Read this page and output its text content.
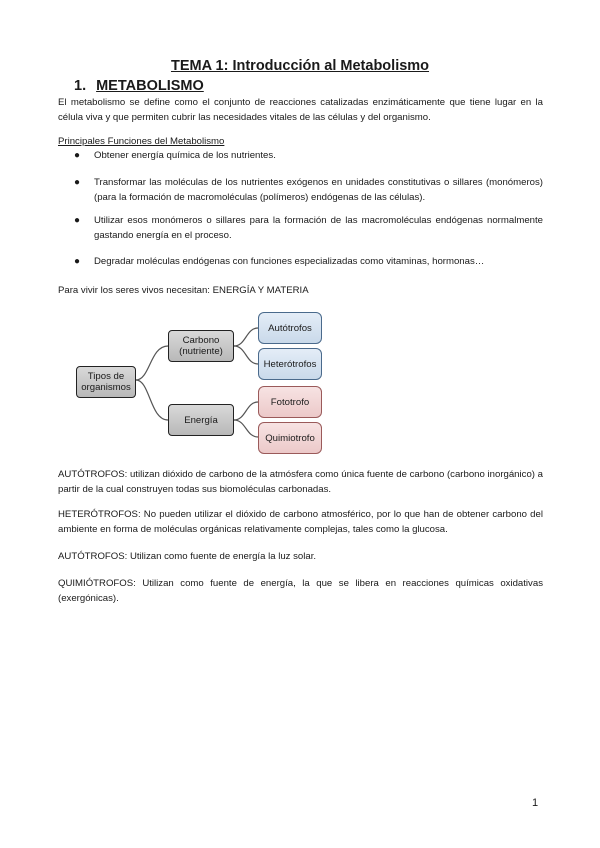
TEMA 1: Introducción al Metabolismo
1. METABOLISMO
El metabolismo se define como el conjunto de reacciones catalizadas enzimáticamente que tiene lugar en la célula viva y que permiten cubrir las necesidades vitales de las células y del organismo.
Principales Funciones del Metabolismo
● Obtener energía química de los nutrientes.
● Transformar las moléculas de los nutrientes exógenos en unidades constitutivas o sillares (monómeros) (para la formación de macromoléculas (polímeros) endógenas de las células).
● Utilizar esos monómeros o sillares para la formación de las macromoléculas endógenas normalmente gastando energía en el proceso.
● Degradar moléculas endógenas con funciones especializadas como vitaminas, hormonas…
Para vivir los seres vivos necesitan: ENERGÍA Y MATERIA
Tipos de organismos
Carbono (nutriente)
Energía
Autótrofos
Heterótrofos
Fototrofo
Quimiotrofo
AUTÓTROFOS: utilizan dióxido de carbono de la atmósfera como única fuente de carbono (carbono inorgánico) a partir de la cual construyen todas sus biomoléculas carbonadas.
HETERÓTROFOS: No pueden utilizar el dióxido de carbono atmosférico, por lo que han de obtener carbono del ambiente en forma de moléculas orgánicas relativamente complejas, tales como la glucosa.
AUTÓTROFOS: Utilizan como fuente de energía la luz solar.
QUIMIÓTROFOS: Utilizan como fuente de energía, la que se libera en reacciones químicas oxidativas (exergónicas).
1
